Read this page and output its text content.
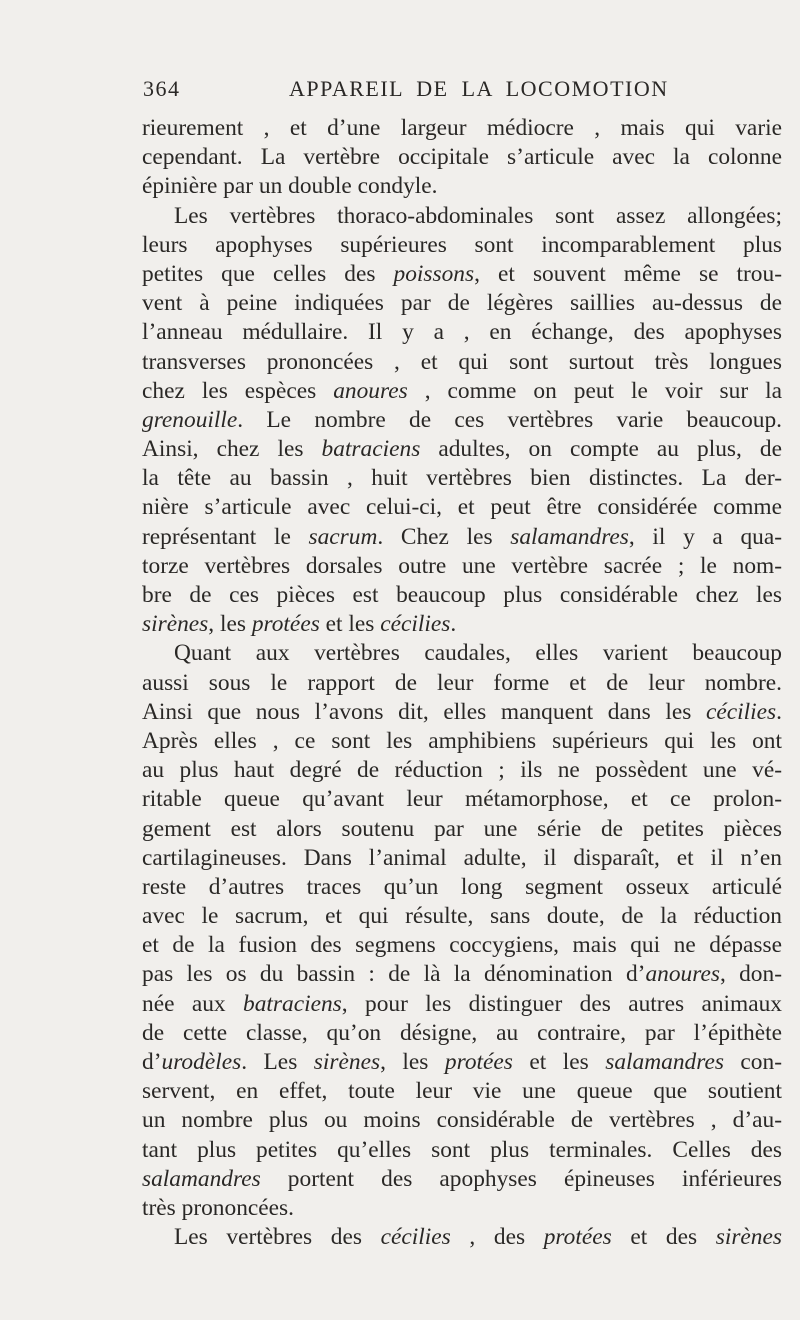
364	APPAREIL DE LA LOCOMOTION
rieurement , et d’une largeur médiocre , mais qui varie
cependant. La vertèbre occipitale s’articule avec la colonne
épinière par un double condyle.
Les vertèbres thoraco-abdominales sont assez allongées;
leurs apophyses supérieures sont incomparablement plus
petites que celles des poissons, et souvent même se trou-
vent à peine indiquées par de légères saillies au-dessus de
l’anneau médullaire. Il y a , en échange, des apophyses
transverses prononcées , et qui sont surtout très longues
chez les espèces anoures , comme on peut le voir sur la
grenouille. Le nombre de ces vertèbres varie beaucoup.
Ainsi, chez les batraciens adultes, on compte au plus, de
la tête au bassin , huit vertèbres bien distinctes. La der-
nière s’articule avec celui-ci, et peut être considérée comme
représentant le sacrum. Chez les salamandres, il y a qua-
torze vertèbres dorsales outre une vertèbre sacrée ; le nom-
bre de ces pièces est beaucoup plus considérable chez les
sirènes, les protées et les cécilies.
Quant aux vertèbres caudales, elles varient beaucoup
aussi sous le rapport de leur forme et de leur nombre.
Ainsi que nous l’avons dit, elles manquent dans les cécilies.
Après elles , ce sont les amphibiens supérieurs qui les ont
au plus haut degré de réduction ; ils ne possèdent une vé-
ritable queue qu’avant leur métamorphose, et ce prolon-
gement est alors soutenu par une série de petites pièces
cartilagineuses. Dans l’animal adulte, il disparaît, et il n’en
reste d’autres traces qu’un long segment osseux articulé
avec le sacrum, et qui résulte, sans doute, de la réduction
et de la fusion des segmens coccygiens, mais qui ne dépasse
pas les os du bassin : de là la dénomination d’anoures, don-
née aux batraciens, pour les distinguer des autres animaux
de cette classe, qu’on désigne, au contraire, par l’épithète
d’urodèles. Les sirènes, les protées et les salamandres con-
servent, en effet, toute leur vie une queue que soutient
un nombre plus ou moins considérable de vertèbres , d’au-
tant plus petites qu’elles sont plus terminales. Celles des
salamandres portent des apophyses épineuses inférieures
très prononcées.
Les vertèbres des cécilies , des protées et des sirènes
